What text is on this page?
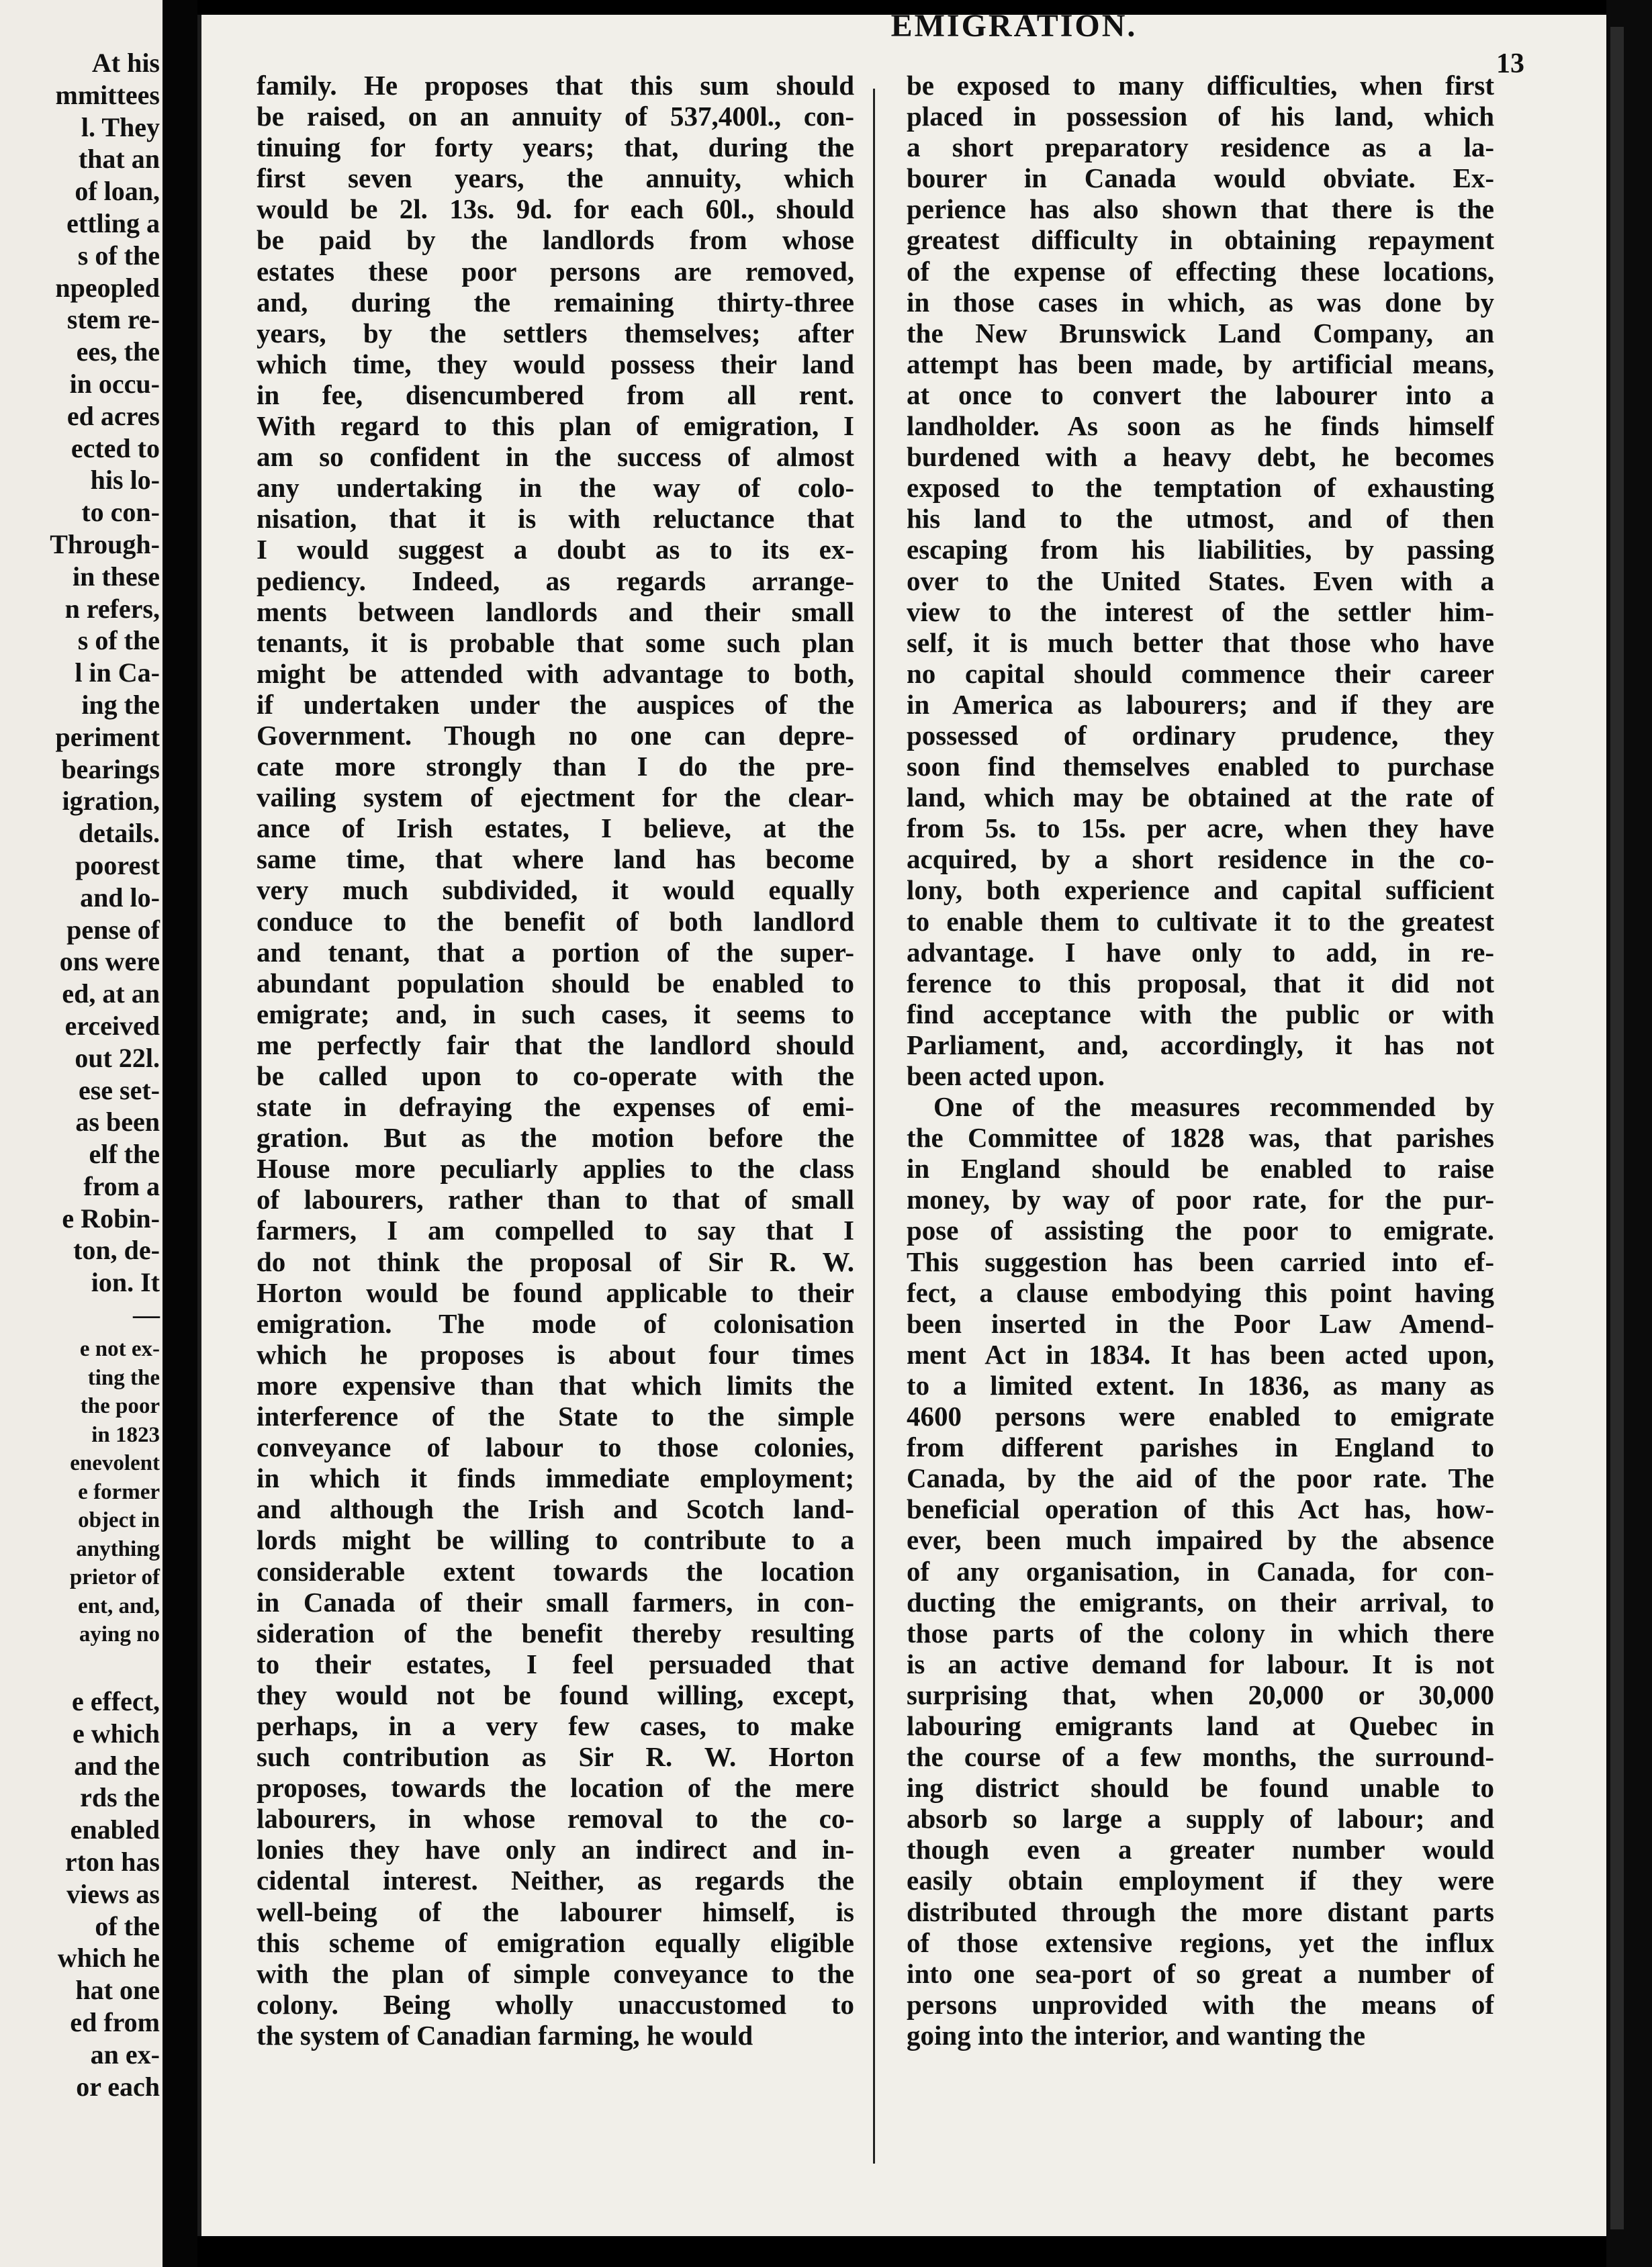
At his
mmittees
l. They
that an
of loan,
ettling a
s of the
npeopled
stem re-
ees, the
in occu-
ed acres
ected to
his lo-
to con-
Through-
in these
n refers,
s of the
l in Ca-
ing the
periment
bearings
igration,
details.
poorest
and lo-
pense of
ons were
ed, at an
erceived
out 22l.
ese set-
as been
elf the
from a
e Robin-
ton, de-
ion. It
—
e not ex-
ting the
the poor
in 1823
enevolent
e former
object in
anything
prietor of
ent, and,
aying no
e effect,
e which
and the
rds the
enabled
rton has
views as
of the
which he
hat one
ed from
an ex-
or each
EMIGRATION.
13
family. He proposes that this sum should
be raised, on an annuity of 537,400l., con-
tinuing for forty years; that, during the
first seven years, the annuity, which
would be 2l. 13s. 9d. for each 60l., should
be paid by the landlords from whose
estates these poor persons are removed,
and, during the remaining thirty-three
years, by the settlers themselves; after
which time, they would possess their land
in fee, disencumbered from all rent.
With regard to this plan of emigration, I
am so confident in the success of almost
any undertaking in the way of colo-
nisation, that it is with reluctance that
I would suggest a doubt as to its ex-
pediency. Indeed, as regards arrange-
ments between landlords and their small
tenants, it is probable that some such plan
might be attended with advantage to both,
if undertaken under the auspices of the
Government. Though no one can depre-
cate more strongly than I do the pre-
vailing system of ejectment for the clear-
ance of Irish estates, I believe, at the
same time, that where land has become
very much subdivided, it would equally
conduce to the benefit of both landlord
and tenant, that a portion of the super-
abundant population should be enabled to
emigrate; and, in such cases, it seems to
me perfectly fair that the landlord should
be called upon to co-operate with the
state in defraying the expenses of emi-
gration. But as the motion before the
House more peculiarly applies to the class
of labourers, rather than to that of small
farmers, I am compelled to say that I
do not think the proposal of Sir R. W.
Horton would be found applicable to their
emigration. The mode of colonisation
which he proposes is about four times
more expensive than that which limits the
interference of the State to the simple
conveyance of labour to those colonies,
in which it finds immediate employment;
and although the Irish and Scotch land-
lords might be willing to contribute to a
considerable extent towards the location
in Canada of their small farmers, in con-
sideration of the benefit thereby resulting
to their estates, I feel persuaded that
they would not be found willing, except,
perhaps, in a very few cases, to make
such contribution as Sir R. W. Horton
proposes, towards the location of the mere
labourers, in whose removal to the co-
lonies they have only an indirect and in-
cidental interest. Neither, as regards the
well-being of the labourer himself, is
this scheme of emigration equally eligible
with the plan of simple conveyance to the
colony. Being wholly unaccustomed to
the system of Canadian farming, he would
be exposed to many difficulties, when first
placed in possession of his land, which
a short preparatory residence as a la-
bourer in Canada would obviate. Ex-
perience has also shown that there is the
greatest difficulty in obtaining repayment
of the expense of effecting these locations,
in those cases in which, as was done by
the New Brunswick Land Company, an
attempt has been made, by artificial means,
at once to convert the labourer into a
landholder. As soon as he finds himself
burdened with a heavy debt, he becomes
exposed to the temptation of exhausting
his land to the utmost, and of then
escaping from his liabilities, by passing
over to the United States. Even with a
view to the interest of the settler him-
self, it is much better that those who have
no capital should commence their career
in America as labourers; and if they are
possessed of ordinary prudence, they
soon find themselves enabled to purchase
land, which may be obtained at the rate of
from 5s. to 15s. per acre, when they have
acquired, by a short residence in the co-
lony, both experience and capital sufficient
to enable them to cultivate it to the greatest
advantage. I have only to add, in re-
ference to this proposal, that it did not
find acceptance with the public or with
Parliament, and, accordingly, it has not
been acted upon.
One of the measures recommended by
the Committee of 1828 was, that parishes
in England should be enabled to raise
money, by way of poor rate, for the pur-
pose of assisting the poor to emigrate.
This suggestion has been carried into ef-
fect, a clause embodying this point having
been inserted in the Poor Law Amend-
ment Act in 1834. It has been acted upon,
to a limited extent. In 1836, as many as
4600 persons were enabled to emigrate
from different parishes in England to
Canada, by the aid of the poor rate. The
beneficial operation of this Act has, how-
ever, been much impaired by the absence
of any organisation, in Canada, for con-
ducting the emigrants, on their arrival, to
those parts of the colony in which there
is an active demand for labour. It is not
surprising that, when 20,000 or 30,000
labouring emigrants land at Quebec in
the course of a few months, the surround-
ing district should be found unable to
absorb so large a supply of labour; and
though even a greater number would
easily obtain employment if they were
distributed through the more distant parts
of those extensive regions, yet the influx
into one sea-port of so great a number of
persons unprovided with the means of
going into the interior, and wanting the
